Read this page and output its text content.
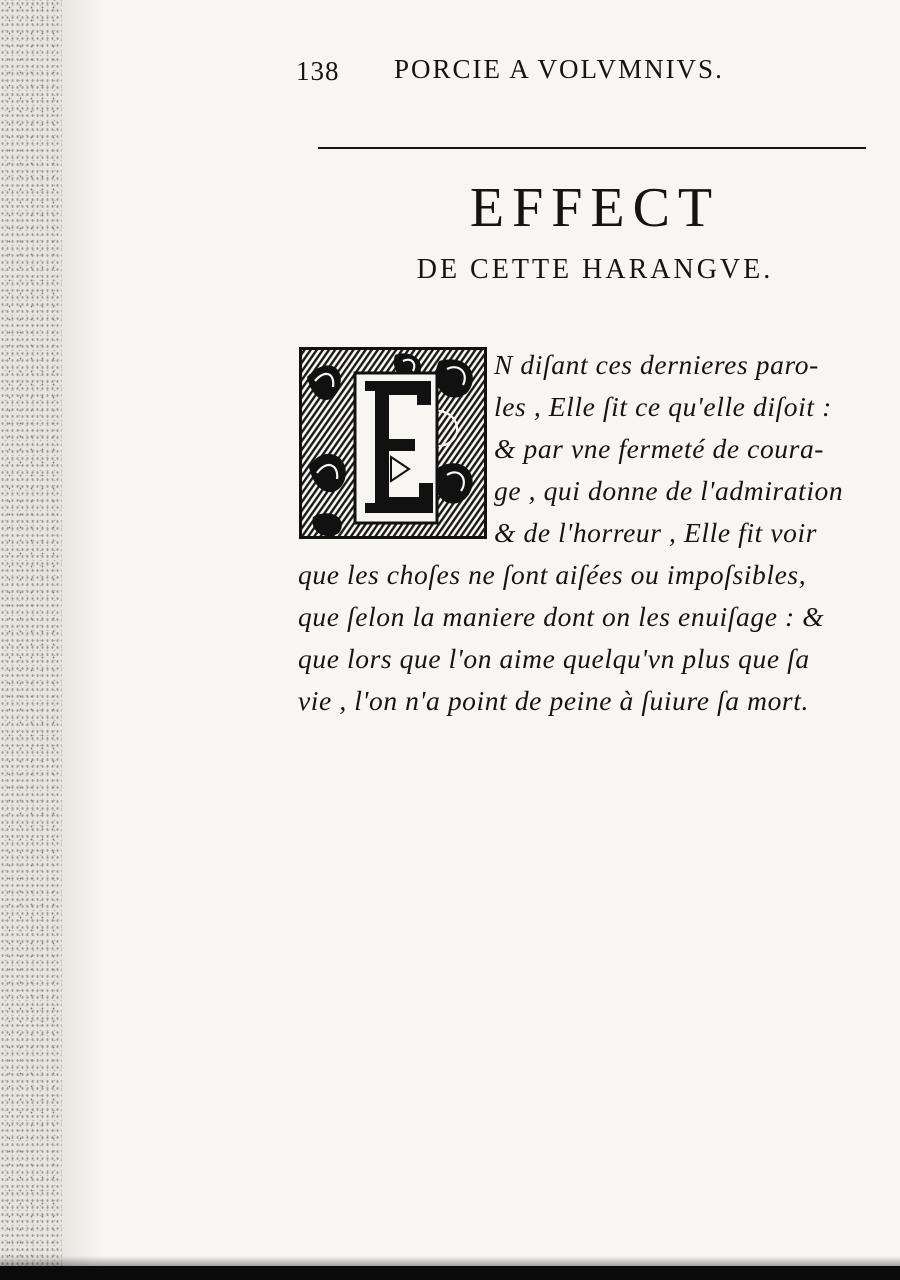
138 PORCIE A VOLVMNIVS.
EFFECT
DE CETTE HARANGVE.
N diſant ces dernieres paro-
les , Elle ſit ce qu'elle diſoit :
& par vne fermeté de coura-
ge , qui donne de l'admiration
& de l'horreur , Elle fit voir
que les choſes ne ſont aiſées ou impoſsibles,
que ſelon la maniere dont on les enuiſage : &
que lors que l'on aime quelqu'vn plus que ſa
vie , l'on n'a point de peine à ſuiure ſa mort.
